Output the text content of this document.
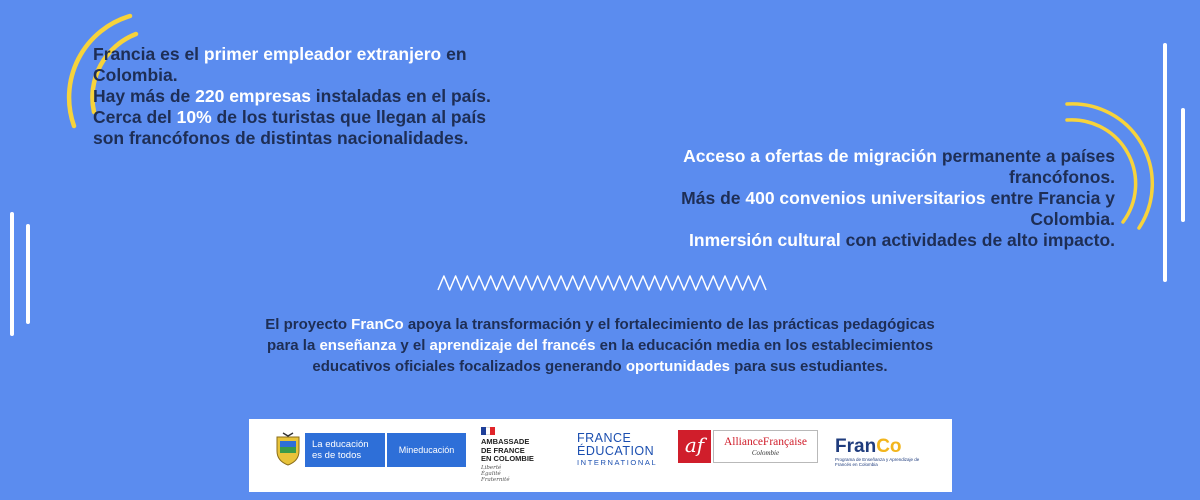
Francia es el primer empleador extranjero en
Colombia.
Hay más de 220 empresas instaladas en el país.
Cerca del 10% de los turistas que llegan al país
son francófonos de distintas nacionalidades.
Acceso a ofertas de migración permanente a países
francófonos.
Más de 400 convenios universitarios entre Francia y
Colombia.
Inmersión cultural con actividades de alto impacto.
El proyecto FranCo apoya la transformación y el fortalecimiento de las prácticas pedagógicas
para la enseñanza y el aprendizaje del francés en la educación media en los establecimientos
educativos oficiales focalizados generando oportunidades para sus estudiantes.
La educación
es de todos	Mineducación
AMBASSADE
DE FRANCE
EN COLOMBIE
Liberté
Égalité
Fraternité
FRANCE
ÉDUCATION
INTERNATIONAL
af	AllianceFrançaise
Colombie	FranCo
Programa de Enseñanza y Aprendizaje de Francés en Colombia
